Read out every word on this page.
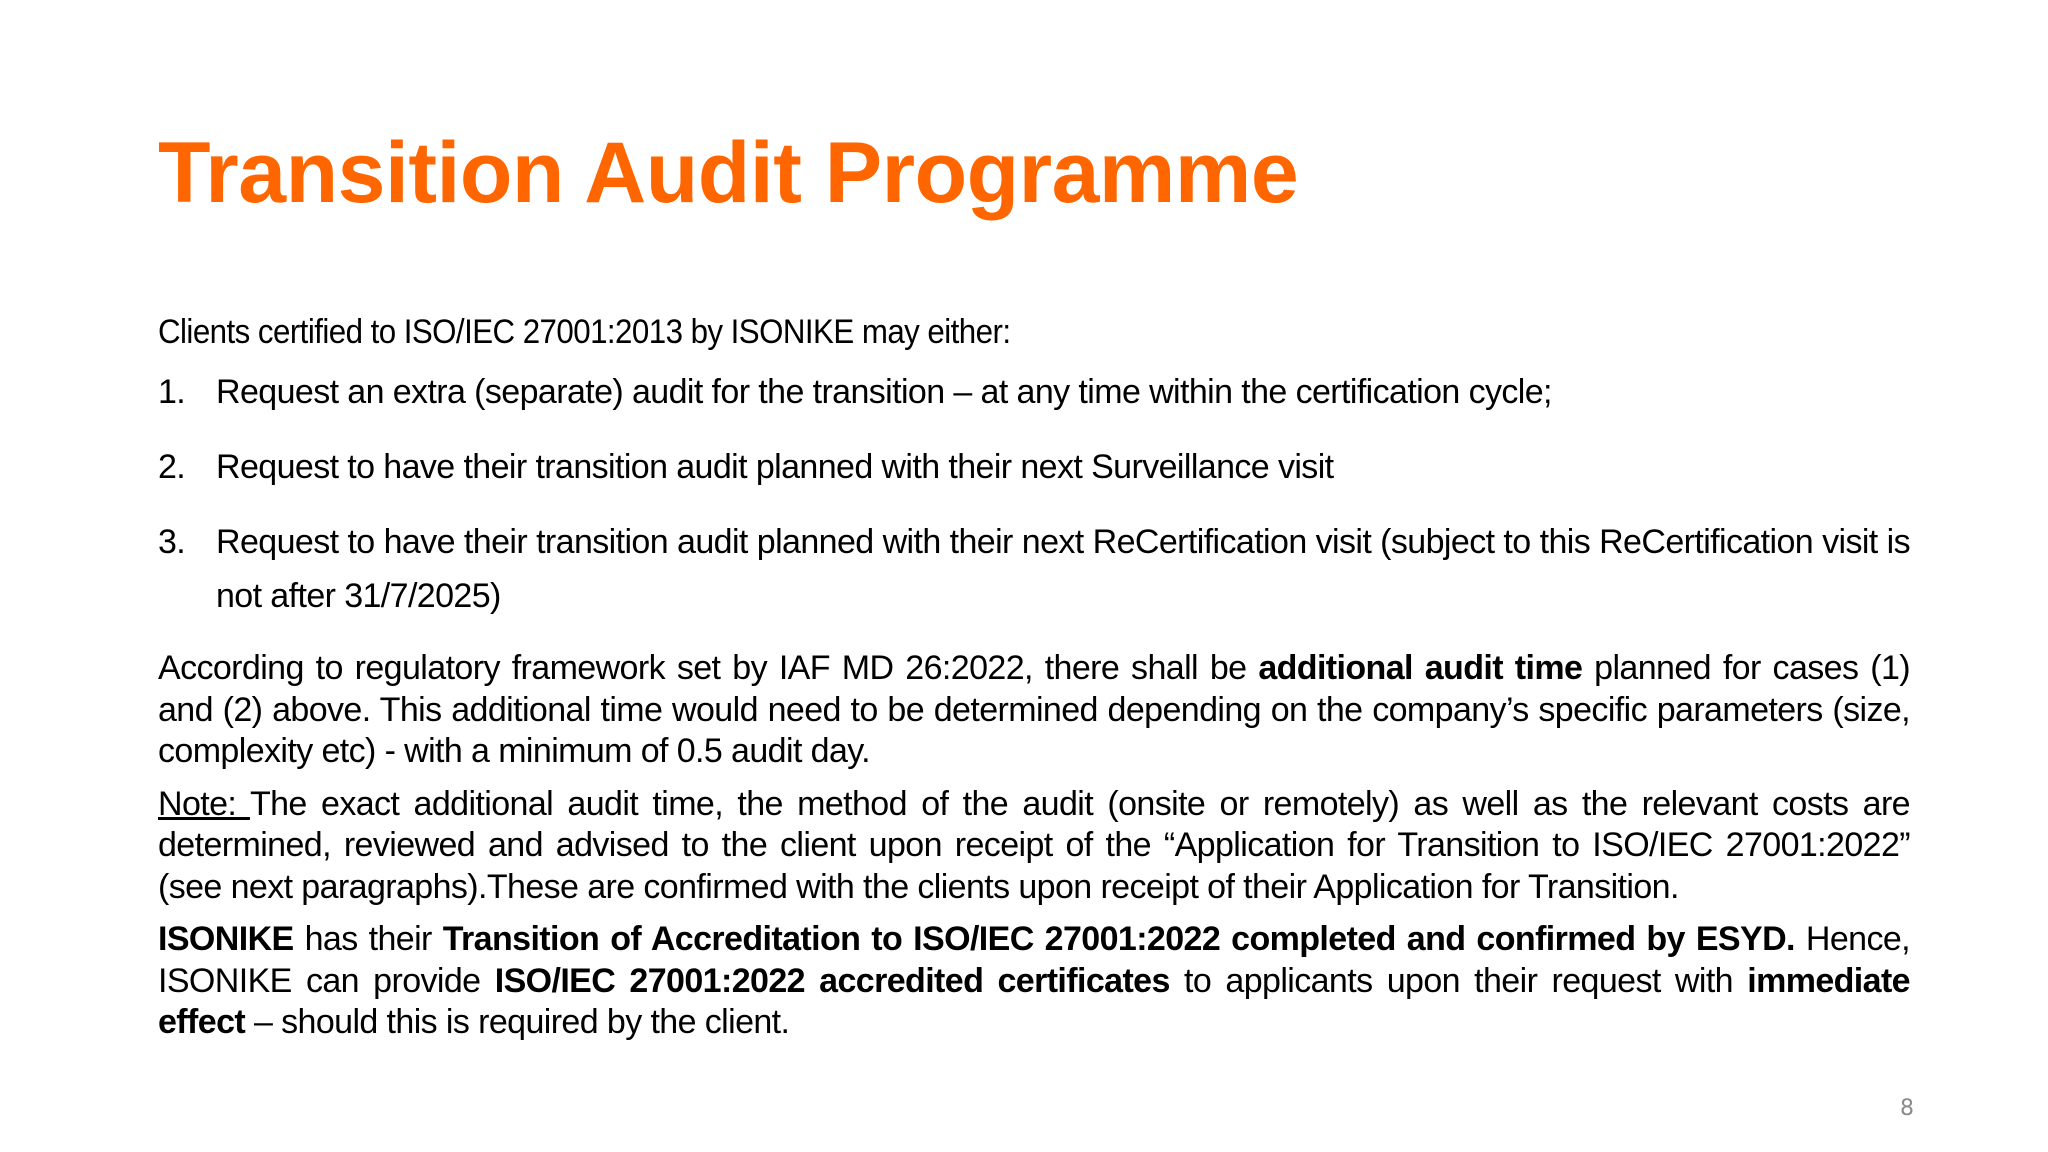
Transition Audit Programme

Clients certified to ISO/IEC 27001:2013 by ISONIKE may either:

1. Request an extra (separate) audit for the transition – at any time within the certification cycle;
2. Request to have their transition audit planned with their next Surveillance visit
3. Request to have their transition audit planned with their next ReCertification visit (subject to this ReCertification visit is not after 31/7/2025)

According to regulatory framework set by IAF MD 26:2022, there shall be additional audit time planned for cases (1) and (2) above. This additional time would need to be determined depending on the company’s specific parameters (size, complexity etc) - with a minimum of 0.5 audit day.

Note: The exact additional audit time, the method of the audit (onsite or remotely) as well as the relevant costs are determined, reviewed and advised to the client upon receipt of the “Application for Transition to ISO/IEC 27001:2022” (see next paragraphs).These are confirmed with the clients upon receipt of their Application for Transition.

ISONIKE has their Transition of Accreditation to ISO/IEC 27001:2022 completed and confirmed by ESYD. Hence, ISONIKE can provide ISO/IEC 27001:2022 accredited certificates to applicants upon their request with immediate effect – should this is required by the client.

8
